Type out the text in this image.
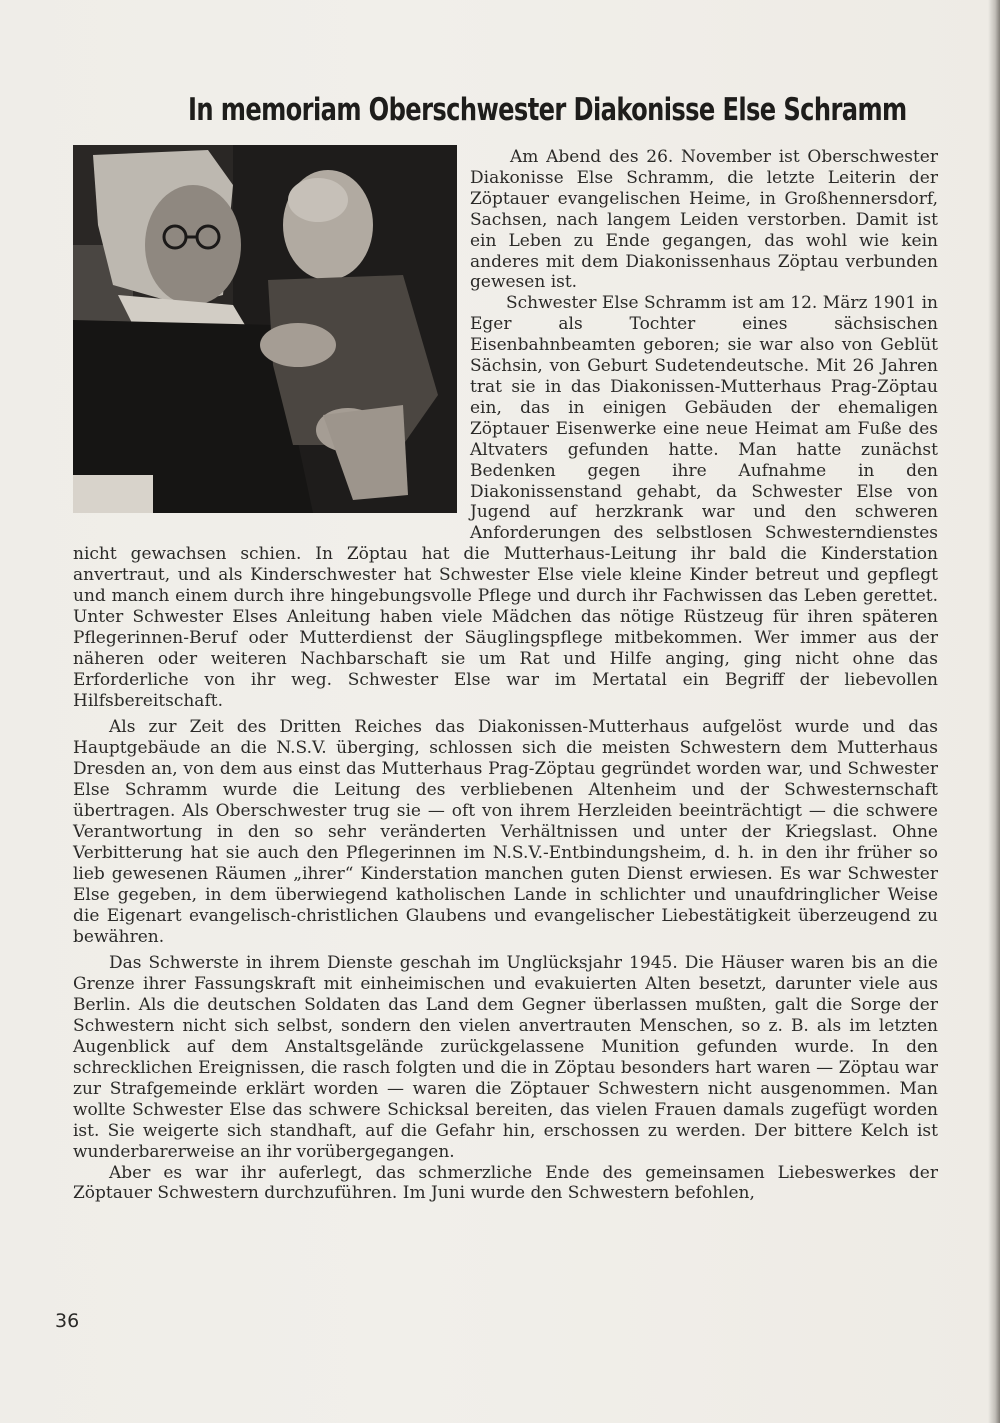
In memoriam Oberschwester Diakonisse Else Schramm

Am Abend des 26. November ist Oberschwester Diakonisse Else Schramm, die letzte Leiterin der Zöptauer evangelischen Heime, in Großhennersdorf, Sachsen, nach langem Leiden verstorben. Damit ist ein Leben zu Ende gegangen, das wohl wie kein anderes mit dem Diakonissenhaus Zöptau verbunden gewesen ist.

Schwester Else Schramm ist am 12. März 1901 in Eger als Tochter eines sächsischen Eisenbahnbeamten geboren; sie war also von Geblüt Sächsin, von Geburt Sudetendeutsche. Mit 26 Jahren trat sie in das Diakonissen-Mutterhaus Prag-Zöptau ein, das in einigen Gebäuden der ehemaligen Zöptauer Eisenwerke eine neue Heimat am Fuße des Altvaters gefunden hatte. Man hatte zunächst Bedenken gegen ihre Aufnahme in den Diakonissenstand gehabt, da Schwester Else von Jugend auf herzkrank war und den schweren Anforderungen des selbstlosen Schwesterndienstes nicht gewachsen schien. In Zöptau hat die Mutterhaus-Leitung ihr bald die Kinderstation anvertraut, und als Kinderschwester hat Schwester Else viele kleine Kinder betreut und gepflegt und manch einem durch ihre hingebungsvolle Pflege und durch ihr Fachwissen das Leben gerettet. Unter Schwester Elses Anleitung haben viele Mädchen das nötige Rüstzeug für ihren späteren Pflegerinnen-Beruf oder Mutterdienst der Säuglingspflege mitbekommen. Wer immer aus der näheren oder weiteren Nachbarschaft sie um Rat und Hilfe anging, ging nicht ohne das Erforderliche von ihr weg. Schwester Else war im Mertatal ein Begriff der liebevollen Hilfsbereitschaft.

Als zur Zeit des Dritten Reiches das Diakonissen-Mutterhaus aufgelöst wurde und das Hauptgebäude an die N.S.V. überging, schlossen sich die meisten Schwestern dem Mutterhaus Dresden an, von dem aus einst das Mutterhaus Prag-Zöptau gegründet worden war, und Schwester Else Schramm wurde die Leitung des verbliebenen Altenheim und der Schwesternschaft übertragen. Als Oberschwester trug sie — oft von ihrem Herzleiden beeinträchtigt — die schwere Verantwortung in den so sehr veränderten Verhältnissen und unter der Kriegslast. Ohne Verbitterung hat sie auch den Pflegerinnen im N.S.V.-Entbindungsheim, d. h. in den ihr früher so lieb gewesenen Räumen „ihrer“ Kinderstation manchen guten Dienst erwiesen. Es war Schwester Else gegeben, in dem überwiegend katholischen Lande in schlichter und unaufdringlicher Weise die Eigenart evangelisch-christlichen Glaubens und evangelischer Liebestätigkeit überzeugend zu bewähren.

Das Schwerste in ihrem Dienste geschah im Unglücksjahr 1945. Die Häuser waren bis an die Grenze ihrer Fassungskraft mit einheimischen und evakuierten Alten besetzt, darunter viele aus Berlin. Als die deutschen Soldaten das Land dem Gegner überlassen mußten, galt die Sorge der Schwestern nicht sich selbst, sondern den vielen anvertrauten Menschen, so z. B. als im letzten Augenblick auf dem Anstaltsgelände zurückgelassene Munition gefunden wurde. In den schrecklichen Ereignissen, die rasch folgten und die in Zöptau besonders hart waren — Zöptau war zur Strafgemeinde erklärt worden — waren die Zöptauer Schwestern nicht ausgenommen. Man wollte Schwester Else das schwere Schicksal bereiten, das vielen Frauen damals zugefügt worden ist. Sie weigerte sich standhaft, auf die Gefahr hin, erschossen zu werden. Der bittere Kelch ist wunderbarerweise an ihr vorübergegangen.

Aber es war ihr auferlegt, das schmerzliche Ende des gemeinsamen Liebeswerkes der Zöptauer Schwestern durchzuführen. Im Juni wurde den Schwestern befohlen,

36
